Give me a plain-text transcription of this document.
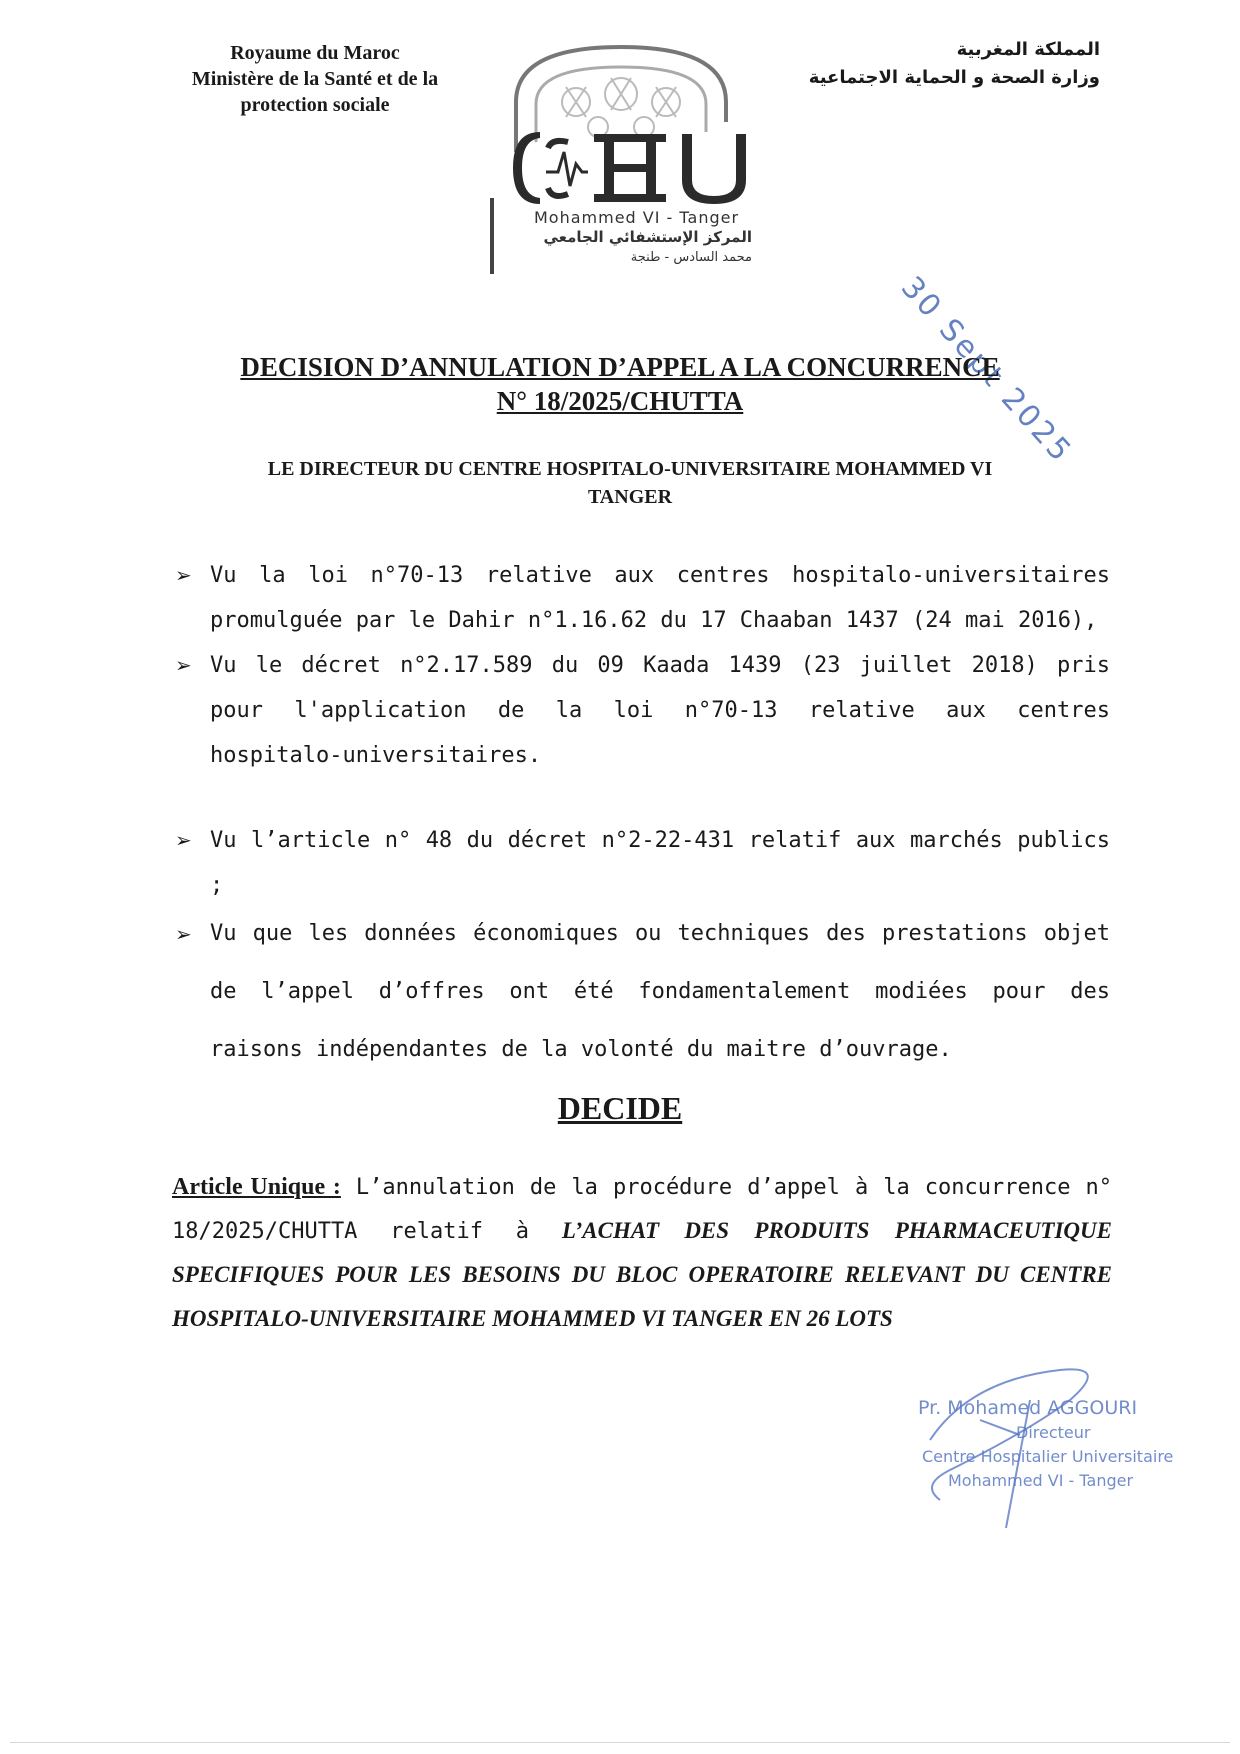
Royaume du Maroc
Ministère de la Santé et de la
protection sociale
Mohammed VI - Tanger
المركز الإستشفائي الجامعي
محمد السادس - طنجة
المملكة المغربية
وزارة الصحة و الحماية الاجتماعية
30 Sept 2025
DECISION D’ANNULATION D’APPEL A LA CONCURRENCE
N° 18/2025/CHUTTA
LE DIRECTEUR DU CENTRE HOSPITALO-UNIVERSITAIRE MOHAMMED VI
TANGER
➢ Vu la loi n°70-13 relative aux centres hospitalo-universitaires promulguée par le Dahir n°1.16.62 du 17 Chaaban 1437 (24 mai 2016),
➢ Vu le décret n°2.17.589 du 09 Kaada 1439 (23 juillet 2018) pris pour l'application de la loi n°70-13 relative aux centres hospitalo-universitaires.
➢ Vu l’article n° 48 du décret n°2-22-431 relatif aux marchés publics ;
➢ Vu que les données économiques ou techniques des prestations objet de l’appel d’offres ont été fondamentalement modiées pour des raisons indépendantes de la volonté du maitre d’ouvrage.
DECIDE
Article Unique : L’annulation de la procédure d’appel à la concurrence n° 18/2025/CHUTTA relatif à L’ACHAT DES PRODUITS PHARMACEUTIQUE SPECIFIQUES POUR LES BESOINS DU BLOC OPERATOIRE RELEVANT DU CENTRE HOSPITALO-UNIVERSITAIRE MOHAMMED VI TANGER EN 26 LOTS
Pr. Mohamed AGGOURI
Directeur
Centre Hospitalier Universitaire
Mohammed VI - Tanger
